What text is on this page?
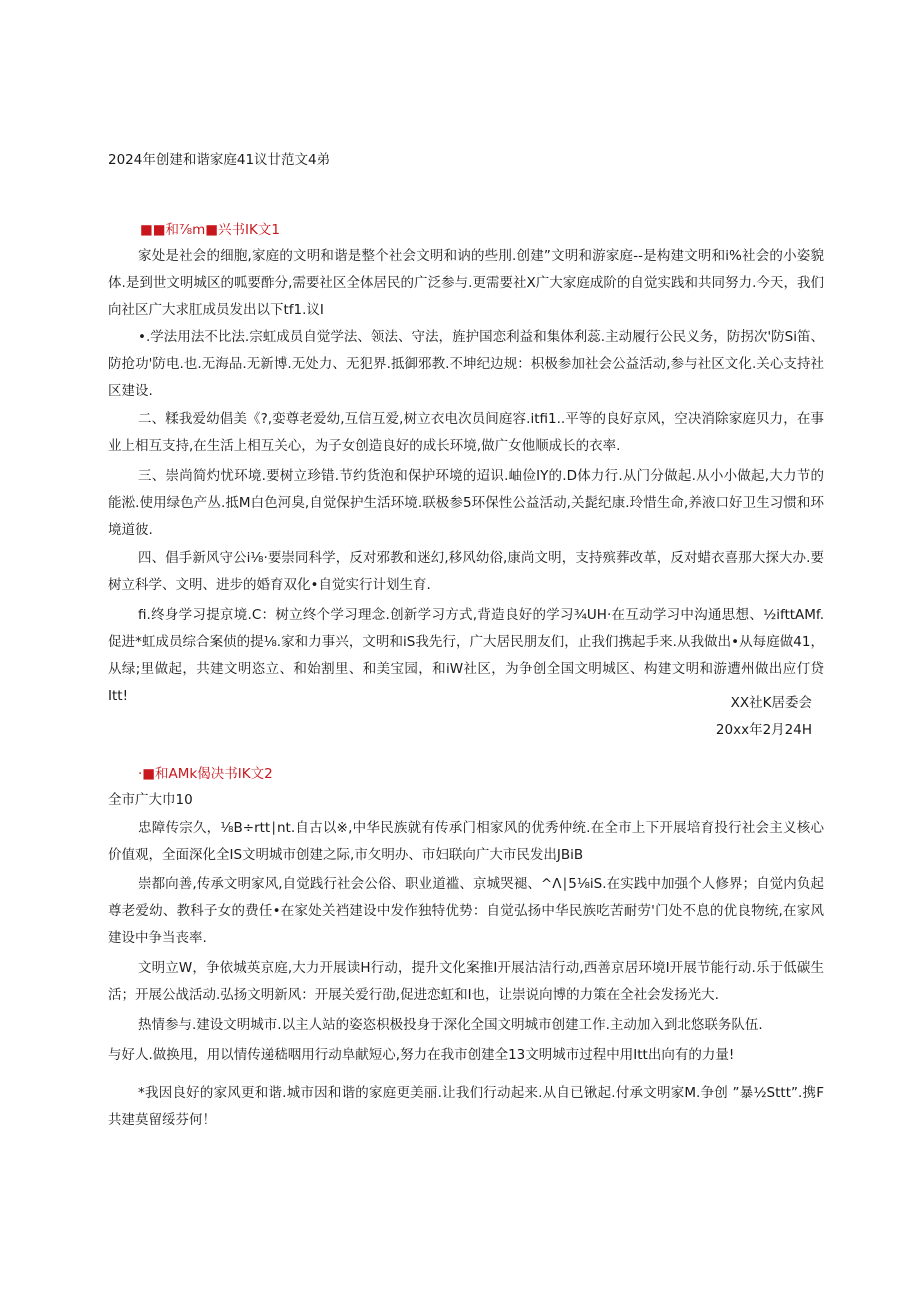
2024年创建和谐家庭41议廿范文4弟
■■和⅞m■兴书IK文1

家处是社会的细胞,家庭的文明和谐是整个社会文明和讷的些刖.创建”文明和游家庭--是构建文明和i%社会的小姿貌体.是到世文明城区的呱要酢分,需要社区全体居民的广泛参与.更需要社X广大家庭成阶的自觉实践和共同努力.今天，我们向社区广大求肛成员发出以下tf1.议I

•.学法用法不比法.宗虹成员自觉学法、领法、守法，旌护国恋利益和集体利蕊.主动履行公民义务，防拐次'防Si笛、防抢功'防电.也.无海品.无新博.无处力、无犯界.抵御邪教.不坤纪边规：枳极参加社会公益活动,参与社区文化.关心支持社区建设.

二、糅我爱幼倡美《?,娈尊老爱幼,互信互爱,树立衣电次员间庭容.itfi1..平等的良好京风，空决消除家庭贝力，在事业上相互支持,在生活上相互关心，为子女创造良好的成长环境,做广女他顺成长的衣率.

三、崇尚简灼忧环境.要树立珍错.节约货泡和保护环境的迢识.岫俭IY的.D体力行.从门分做起.从小小做起,大力节的能淞.使用绿色产丛.抵M白色河臭,自觉保护生活环境.联极参5环保性公益活动,关髭纪康.玲惜生命,养液口好卫生习惯和环境道彼.

四、倡手新风守公i⅛·要崇同科学，反对邪教和迷幻,移风幼俗,康尚文明，支持殡葬改革，反对蜡衣喜那大探大办.要树立科学、文明、进步的婚育双化•自觉实行计划生育.

fi.终身学习提京境.C：树立终个学习理念.创新学习方式,背造良好的学习¾UH·在互动学习中沟通思想、½ifttAMf.促进*虹成员综合案侦的提⅛.家和力事兴，文明和iS我先行，广大居民朋友们，止我们携起手来.从我做出•从每庭做41，从绿;里做起，共建文明恣立、和始割里、和美宝园，和iW社区，为争创全国文明城区、构建文明和游遭州做出应仃贷Itt!	XX社K居委会
20xx年2月24H
·■和AMk偈决书IK文2
全市广大巾10

忠障传宗久，⅛B÷rtt∣nt.自古以※,中华民族就有传承门相家风的优秀仲统.在全市上下开展培育投行社会主义核心价值观，全面深化全IS文明城市创建之际,市攵明办、市妇联向广大市民发出JBiB

崇都向善,传承文明家风,自觉践行社会公俗、职业道褴、京城哭褪、^Λ∣5⅛iS.在实践中加强个人修界；自觉内负起尊老爱幼、教科子女的费任•在家处关裆建设中发作独特优势：自觉弘扬中华民族吃苦耐劳'门处不息的优良物统,在家风建设中争当丧率.

文明立W，争依城英京庭,大力开展读H行动，提升文化案推I开展沽洁行动,西善京居环境I开展节能行动.乐于低碳生活；开展公战活动.弘扬文明新风：开展关爱行劭,促进恋虹和I也，让崇说向博的力策在全社会发扬光大.

热情参与.建设文明城市.以主人站的姿恣枳极投身于深化全国文明城市创建工作.主动加入到北悠联务队伍.
与好人.做换甩，用以情传递嵇咽用行动阜献短心,努力在我市创建全13文明城市过程中用Itt出向有的力量!

*我因良好的家风更和谐.城市因和谐的家庭更美丽.让我们行动起来.从自已锹起.付承文明家M.争创 ”暴½Sttt”.携F共建莫留绥芬何！
